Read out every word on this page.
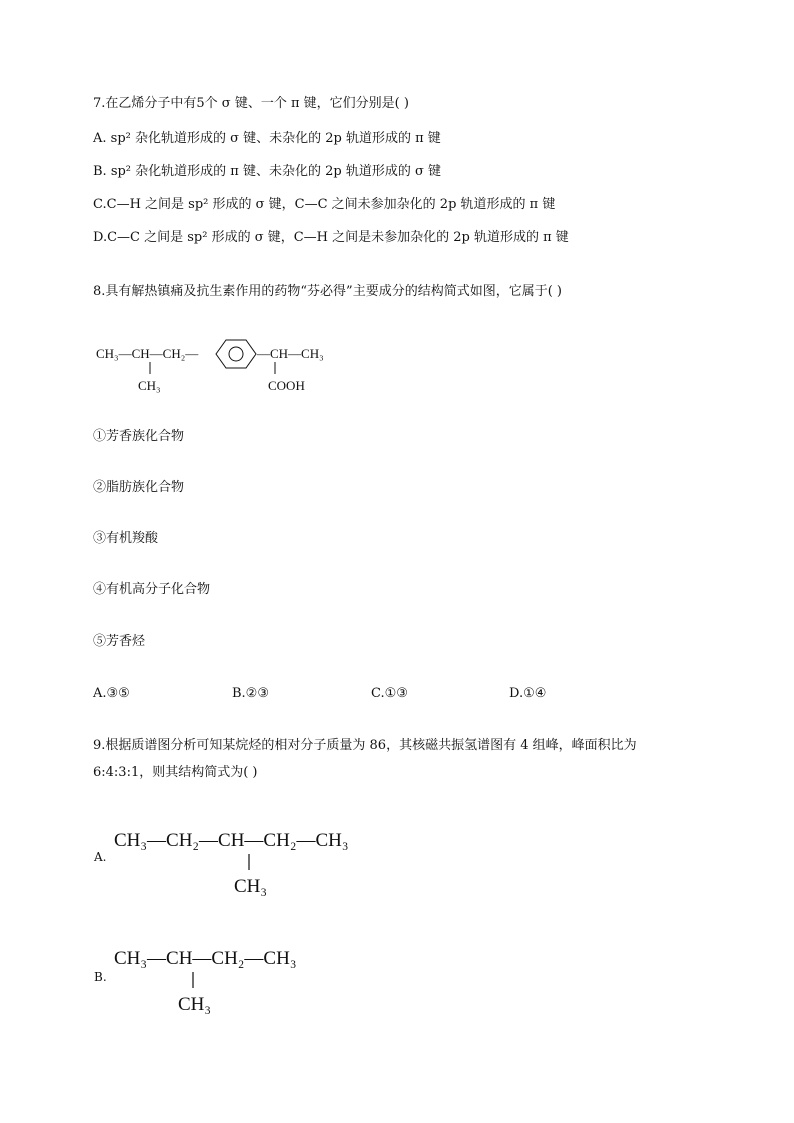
7.在乙烯分子中有5个 σ 键、一个 π 键，它们分别是( )
A. sp² 杂化轨道形成的 σ 键、未杂化的 2p 轨道形成的 π 键
B. sp² 杂化轨道形成的 π 键、未杂化的 2p 轨道形成的 σ 键
C.C—H 之间是 sp² 形成的 σ 键，C—C 之间未参加杂化的 2p 轨道形成的 π 键
D.C—C 之间是 sp² 形成的 σ 键，C—H 之间是未参加杂化的 2p 轨道形成的 π 键
8.具有解热镇痛及抗生素作用的药物“芬必得”主要成分的结构简式如图，它属于( )
CH₃—CH—CH₂—	—CH—CH₃
CH₃	COOH
①芳香族化合物
②脂肪族化合物
③有机羧酸
④有机高分子化合物
⑤芳香烃
A.③⑤	B.②③	C.①③	D.①④
9.根据质谱图分析可知某烷烃的相对分子质量为 86，其核磁共振氢谱图有 4 组峰，峰面积比为
6:4:3:1，则其结构简式为( )
A.
CH₃—CH₂—CH—CH₂—CH₃
CH₃
B.
CH₃—CH—CH₂—CH₃
CH₃
